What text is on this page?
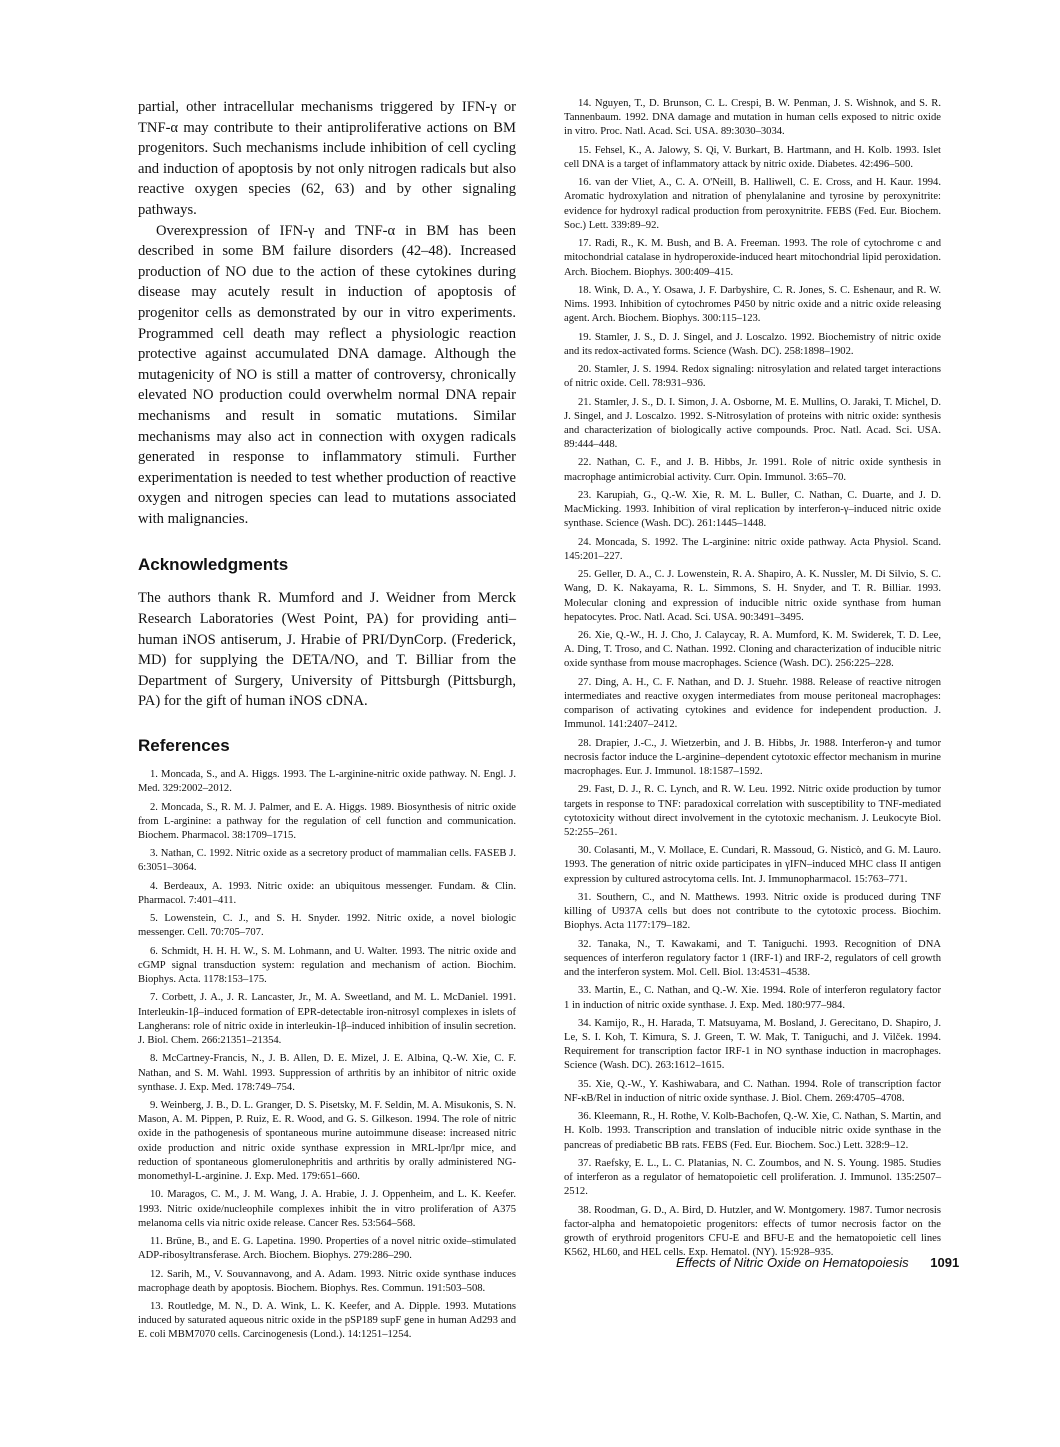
partial, other intracellular mechanisms triggered by IFN-γ or TNF-α may contribute to their antiproliferative actions on BM progenitors. Such mechanisms include inhibition of cell cycling and induction of apoptosis by not only nitrogen radicals but also reactive oxygen species (62, 63) and by other signaling pathways.

Overexpression of IFN-γ and TNF-α in BM has been described in some BM failure disorders (42–48). Increased production of NO due to the action of these cytokines during disease may acutely result in induction of apoptosis of progenitor cells as demonstrated by our in vitro experiments. Programmed cell death may reflect a physiologic reaction protective against accumulated DNA damage. Although the mutagenicity of NO is still a matter of controversy, chronically elevated NO production could overwhelm normal DNA repair mechanisms and result in somatic mutations. Similar mechanisms may also act in connection with oxygen radicals generated in response to inflammatory stimuli. Further experimentation is needed to test whether production of reactive oxygen and nitrogen species can lead to mutations associated with malignancies.

Acknowledgments

The authors thank R. Mumford and J. Weidner from Merck Research Laboratories (West Point, PA) for providing anti–human iNOS antiserum, J. Hrabie of PRI/DynCorp. (Frederick, MD) for supplying the DETA/NO, and T. Billiar from the Department of Surgery, University of Pittsburgh (Pittsburgh, PA) for the gift of human iNOS cDNA.

References

1. Moncada, S., and A. Higgs. 1993. The L-arginine-nitric oxide pathway. N. Engl. J. Med. 329:2002–2012.

2. Moncada, S., R. M. J. Palmer, and E. A. Higgs. 1989. Biosynthesis of nitric oxide from L-arginine: a pathway for the regulation of cell function and communication. Biochem. Pharmacol. 38:1709–1715.

3. Nathan, C. 1992. Nitric oxide as a secretory product of mammalian cells. FASEB J. 6:3051–3064.

4. Berdeaux, A. 1993. Nitric oxide: an ubiquitous messenger. Fundam. & Clin. Pharmacol. 7:401–411.

5. Lowenstein, C. J., and S. H. Snyder. 1992. Nitric oxide, a novel biologic messenger. Cell. 70:705–707.

6. Schmidt, H. H. H. W., S. M. Lohmann, and U. Walter. 1993. The nitric oxide and cGMP signal transduction system: regulation and mechanism of action. Biochim. Biophys. Acta. 1178:153–175.

7. Corbett, J. A., J. R. Lancaster, Jr., M. A. Sweetland, and M. L. McDaniel. 1991. Interleukin-1β–induced formation of EPR-detectable iron-nitrosyl complexes in islets of Langherans: role of nitric oxide in interleukin-1β–induced inhibition of insulin secretion. J. Biol. Chem. 266:21351–21354.

8. McCartney-Francis, N., J. B. Allen, D. E. Mizel, J. E. Albina, Q.-W. Xie, C. F. Nathan, and S. M. Wahl. 1993. Suppression of arthritis by an inhibitor of nitric oxide synthase. J. Exp. Med. 178:749–754.

9. Weinberg, J. B., D. L. Granger, D. S. Pisetsky, M. F. Seldin, M. A. Misukonis, S. N. Mason, A. M. Pippen, P. Ruiz, E. R. Wood, and G. S. Gilkeson. 1994. The role of nitric oxide in the pathogenesis of spontaneous murine autoimmune disease: increased nitric oxide production and nitric oxide synthase expression in MRL-lpr/lpr mice, and reduction of spontaneous glomerulonephritis and arthritis by orally administered NG-monomethyl-L-arginine. J. Exp. Med. 179:651–660.

10. Maragos, C. M., J. M. Wang, J. A. Hrabie, J. J. Oppenheim, and L. K. Keefer. 1993. Nitric oxide/nucleophile complexes inhibit the in vitro proliferation of A375 melanoma cells via nitric oxide release. Cancer Res. 53:564–568.

11. Brüne, B., and E. G. Lapetina. 1990. Properties of a novel nitric oxide–stimulated ADP-ribosyltransferase. Arch. Biochem. Biophys. 279:286–290.

12. Sarih, M., V. Souvannavong, and A. Adam. 1993. Nitric oxide synthase induces macrophage death by apoptosis. Biochem. Biophys. Res. Commun. 191:503–508.

13. Routledge, M. N., D. A. Wink, L. K. Keefer, and A. Dipple. 1993. Mutations induced by saturated aqueous nitric oxide in the pSP189 supF gene in human Ad293 and E. coli MBM7070 cells. Carcinogenesis (Lond.). 14:1251–1254.

14. Nguyen, T., D. Brunson, C. L. Crespi, B. W. Penman, J. S. Wishnok, and S. R. Tannenbaum. 1992. DNA damage and mutation in human cells exposed to nitric oxide in vitro. Proc. Natl. Acad. Sci. USA. 89:3030–3034.

15. Fehsel, K., A. Jalowy, S. Qi, V. Burkart, B. Hartmann, and H. Kolb. 1993. Islet cell DNA is a target of inflammatory attack by nitric oxide. Diabetes. 42:496–500.

16. van der Vliet, A., C. A. O'Neill, B. Halliwell, C. E. Cross, and H. Kaur. 1994. Aromatic hydroxylation and nitration of phenylalanine and tyrosine by peroxynitrite: evidence for hydroxyl radical production from peroxynitrite. FEBS (Fed. Eur. Biochem. Soc.) Lett. 339:89–92.

17. Radi, R., K. M. Bush, and B. A. Freeman. 1993. The role of cytochrome c and mitochondrial catalase in hydroperoxide-induced heart mitochondrial lipid peroxidation. Arch. Biochem. Biophys. 300:409–415.

18. Wink, D. A., Y. Osawa, J. F. Darbyshire, C. R. Jones, S. C. Eshenaur, and R. W. Nims. 1993. Inhibition of cytochromes P450 by nitric oxide and a nitric oxide releasing agent. Arch. Biochem. Biophys. 300:115–123.

19. Stamler, J. S., D. J. Singel, and J. Loscalzo. 1992. Biochemistry of nitric oxide and its redox-activated forms. Science (Wash. DC). 258:1898–1902.

20. Stamler, J. S. 1994. Redox signaling: nitrosylation and related target interactions of nitric oxide. Cell. 78:931–936.

21. Stamler, J. S., D. I. Simon, J. A. Osborne, M. E. Mullins, O. Jaraki, T. Michel, D. J. Singel, and J. Loscalzo. 1992. S-Nitrosylation of proteins with nitric oxide: synthesis and characterization of biologically active compounds. Proc. Natl. Acad. Sci. USA. 89:444–448.

22. Nathan, C. F., and J. B. Hibbs, Jr. 1991. Role of nitric oxide synthesis in macrophage antimicrobial activity. Curr. Opin. Immunol. 3:65–70.

23. Karupiah, G., Q.-W. Xie, R. M. L. Buller, C. Nathan, C. Duarte, and J. D. MacMicking. 1993. Inhibition of viral replication by interferon-γ–induced nitric oxide synthase. Science (Wash. DC). 261:1445–1448.

24. Moncada, S. 1992. The L-arginine: nitric oxide pathway. Acta Physiol. Scand. 145:201–227.

25. Geller, D. A., C. J. Lowenstein, R. A. Shapiro, A. K. Nussler, M. Di Silvio, S. C. Wang, D. K. Nakayama, R. L. Simmons, S. H. Snyder, and T. R. Billiar. 1993. Molecular cloning and expression of inducible nitric oxide synthase from human hepatocytes. Proc. Natl. Acad. Sci. USA. 90:3491–3495.

26. Xie, Q.-W., H. J. Cho, J. Calaycay, R. A. Mumford, K. M. Swiderek, T. D. Lee, A. Ding, T. Troso, and C. Nathan. 1992. Cloning and characterization of inducible nitric oxide synthase from mouse macrophages. Science (Wash. DC). 256:225–228.

27. Ding, A. H., C. F. Nathan, and D. J. Stuehr. 1988. Release of reactive nitrogen intermediates and reactive oxygen intermediates from mouse peritoneal macrophages: comparison of activating cytokines and evidence for independent production. J. Immunol. 141:2407–2412.

28. Drapier, J.-C., J. Wietzerbin, and J. B. Hibbs, Jr. 1988. Interferon-γ and tumor necrosis factor induce the L-arginine–dependent cytotoxic effector mechanism in murine macrophages. Eur. J. Immunol. 18:1587–1592.

29. Fast, D. J., R. C. Lynch, and R. W. Leu. 1992. Nitric oxide production by tumor targets in response to TNF: paradoxical correlation with susceptibility to TNF-mediated cytotoxicity without direct involvement in the cytotoxic mechanism. J. Leukocyte Biol. 52:255–261.

30. Colasanti, M., V. Mollace, E. Cundari, R. Massoud, G. Nisticò, and G. M. Lauro. 1993. The generation of nitric oxide participates in γIFN–induced MHC class II antigen expression by cultured astrocytoma cells. Int. J. Immunopharmacol. 15:763–771.

31. Southern, C., and N. Matthews. 1993. Nitric oxide is produced during TNF killing of U937A cells but does not contribute to the cytotoxic process. Biochim. Biophys. Acta 1177:179–182.

32. Tanaka, N., T. Kawakami, and T. Taniguchi. 1993. Recognition of DNA sequences of interferon regulatory factor 1 (IRF-1) and IRF-2, regulators of cell growth and the interferon system. Mol. Cell. Biol. 13:4531–4538.

33. Martin, E., C. Nathan, and Q.-W. Xie. 1994. Role of interferon regulatory factor 1 in induction of nitric oxide synthase. J. Exp. Med. 180:977–984.

34. Kamijo, R., H. Harada, T. Matsuyama, M. Bosland, J. Gerecitano, D. Shapiro, J. Le, S. I. Koh, T. Kimura, S. J. Green, T. W. Mak, T. Taniguchi, and J. Vilček. 1994. Requirement for transcription factor IRF-1 in NO synthase induction in macrophages. Science (Wash. DC). 263:1612–1615.

35. Xie, Q.-W., Y. Kashiwabara, and C. Nathan. 1994. Role of transcription factor NF-κB/Rel in induction of nitric oxide synthase. J. Biol. Chem. 269:4705–4708.

36. Kleemann, R., H. Rothe, V. Kolb-Bachofen, Q.-W. Xie, C. Nathan, S. Martin, and H. Kolb. 1993. Transcription and translation of inducible nitric oxide synthase in the pancreas of prediabetic BB rats. FEBS (Fed. Eur. Biochem. Soc.) Lett. 328:9–12.

37. Raefsky, E. L., L. C. Platanias, N. C. Zoumbos, and N. S. Young. 1985. Studies of interferon as a regulator of hematopoietic cell proliferation. J. Immunol. 135:2507–2512.

38. Roodman, G. D., A. Bird, D. Hutzler, and W. Montgomery. 1987. Tumor necrosis factor-alpha and hematopoietic progenitors: effects of tumor necrosis factor on the growth of erythroid progenitors CFU-E and BFU-E and the hematopoietic cell lines K562, HL60, and HEL cells. Exp. Hematol. (NY). 15:928–935.

Effects of Nitric Oxide on Hematopoiesis 1091
